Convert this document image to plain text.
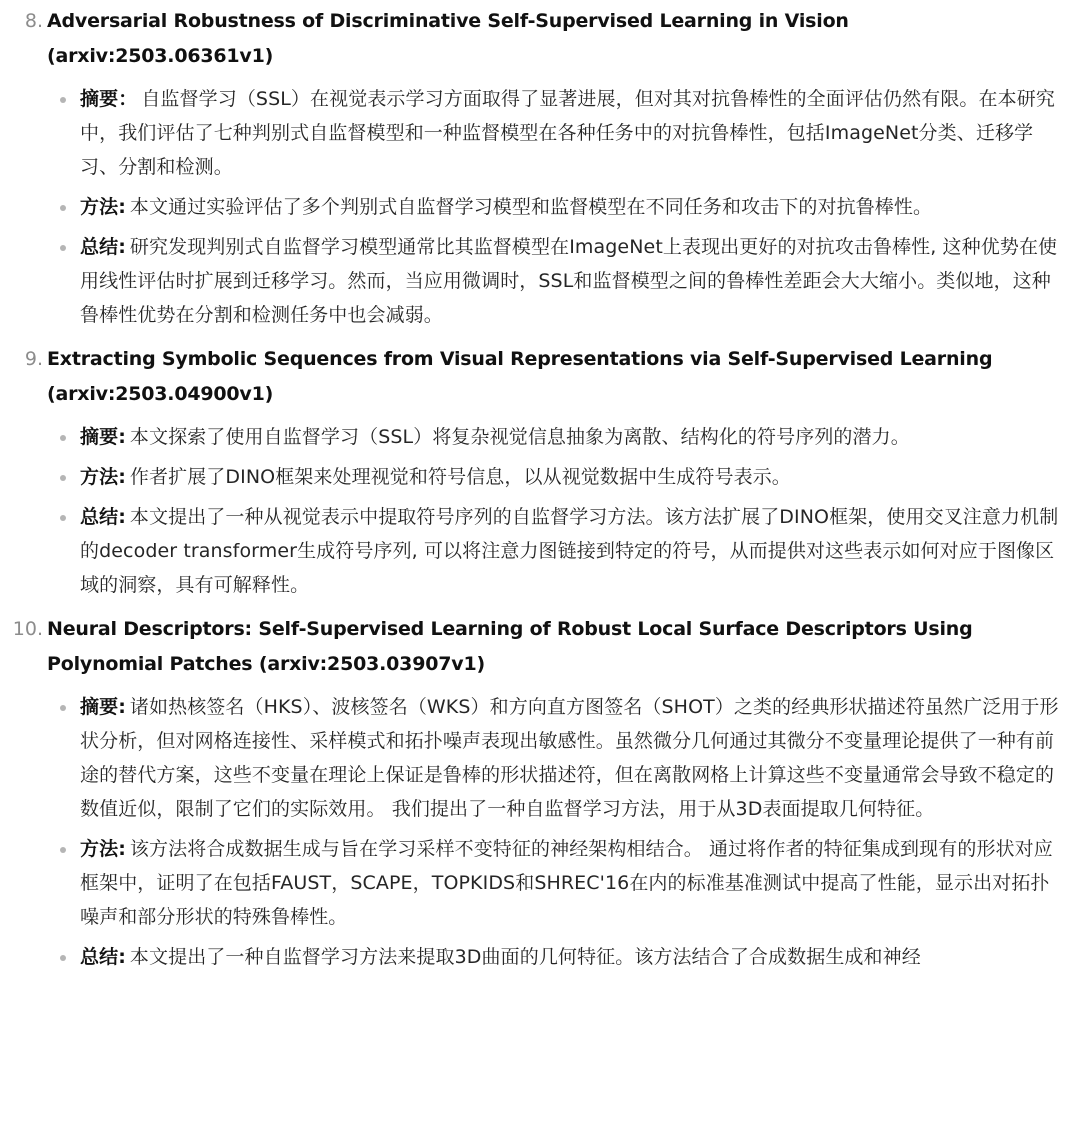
8. Adversarial Robustness of Discriminative Self-Supervised Learning in Vision (arxiv:2503.06361v1)
摘要： 自监督学习（SSL）在视觉表示学习方面取得了显著进展，但对其对抗鲁棒性的全面评估仍然有限。在本研究中，我们评估了七种判别式自监督模型和一种监督模型在各种任务中的对抗鲁棒性，包括ImageNet分类、迁移学习、分割和检测。
方法: 本文通过实验评估了多个判别式自监督学习模型和监督模型在不同任务和攻击下的对抗鲁棒性。
总结: 研究发现判别式自监督学习模型通常比其监督模型在ImageNet上表现出更好的对抗攻击鲁棒性, 这种优势在使用线性评估时扩展到迁移学习。然而，当应用微调时，SSL和监督模型之间的鲁棒性差距会大大缩小。类似地，这种鲁棒性优势在分割和检测任务中也会减弱。
9. Extracting Symbolic Sequences from Visual Representations via Self-Supervised Learning (arxiv:2503.04900v1)
摘要: 本文探索了使用自监督学习（SSL）将复杂视觉信息抽象为离散、结构化的符号序列的潜力。
方法: 作者扩展了DINO框架来处理视觉和符号信息，以从视觉数据中生成符号表示。
总结: 本文提出了一种从视觉表示中提取符号序列的自监督学习方法。该方法扩展了DINO框架，使用交叉注意力机制的decoder transformer生成符号序列, 可以将注意力图链接到特定的符号，从而提供对这些表示如何对应于图像区域的洞察，具有可解释性。
10. Neural Descriptors: Self-Supervised Learning of Robust Local Surface Descriptors Using Polynomial Patches (arxiv:2503.03907v1)
摘要: 诸如热核签名（HKS）、波核签名（WKS）和方向直方图签名（SHOT）之类的经典形状描述符虽然广泛用于形状分析，但对网格连接性、采样模式和拓扑噪声表现出敏感性。虽然微分几何通过其微分不变量理论提供了一种有前途的替代方案，这些不变量在理论上保证是鲁棒的形状描述符，但在离散网格上计算这些不变量通常会导致不稳定的数值近似，限制了它们的实际效用。 我们提出了一种自监督学习方法，用于从3D表面提取几何特征。
方法: 该方法将合成数据生成与旨在学习采样不变特征的神经架构相结合。 通过将作者的特征集成到现有的形状对应框架中，证明了在包括FAUST，SCAPE，TOPKIDS和SHREC'16在内的标准基准测试中提高了性能，显示出对拓扑噪声和部分形状的特殊鲁棒性。
总结: 本文提出了一种自监督学习方法来提取3D曲面的几何特征。该方法结合了合成数据生成和神经
